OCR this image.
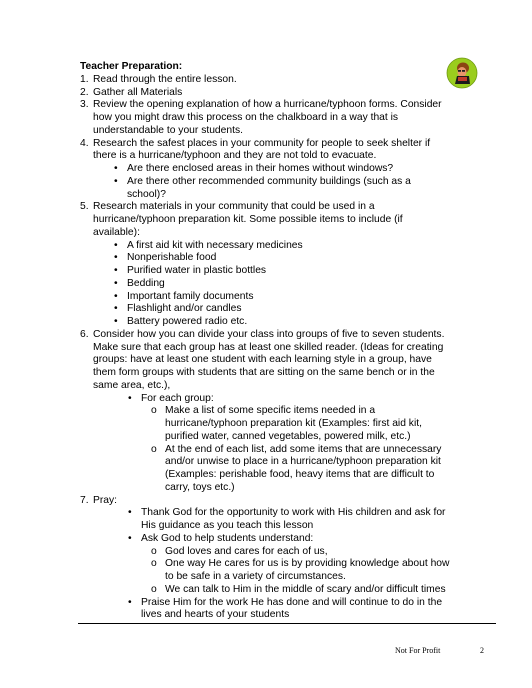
Teacher Preparation:
1. Read through the entire lesson.
2. Gather all Materials
3. Review the opening explanation of how a hurricane/typhoon forms. Consider how you might draw this process on the chalkboard in a way that is understandable to your students.
4. Research the safest places in your community for people to seek shelter if there is a hurricane/typhoon and they are not told to evacuate.
• Are there enclosed areas in their homes without windows?
• Are there other recommended community buildings (such as a school)?
5. Research materials in your community that could be used in a hurricane/typhoon preparation kit. Some possible items to include (if available):
• A first aid kit with necessary medicines
• Nonperishable food
• Purified water in plastic bottles
• Bedding
• Important family documents
• Flashlight and/or candles
• Battery powered radio etc.
6. Consider how you can divide your class into groups of five to seven students. Make sure that each group has at least one skilled reader. (Ideas for creating groups: have at least one student with each learning style in a group, have them form groups with students that are sitting on the same bench or in the same area, etc.),
• For each group:
o Make a list of some specific items needed in a hurricane/typhoon preparation kit (Examples: first aid kit, purified water, canned vegetables, powered milk, etc.)
o At the end of each list, add some items that are unnecessary and/or unwise to place in a hurricane/typhoon preparation kit (Examples: perishable food, heavy items that are difficult to carry, toys etc.)
7. Pray:
• Thank God for the opportunity to work with His children and ask for His guidance as you teach this lesson
• Ask God to help students understand:
o God loves and cares for each of us,
o One way He cares for us is by providing knowledge about how to be safe in a variety of circumstances.
o We can talk to Him in the middle of scary and/or difficult times
• Praise Him for the work He has done and will continue to do in the lives and hearts of your students
Not For Profit	2
